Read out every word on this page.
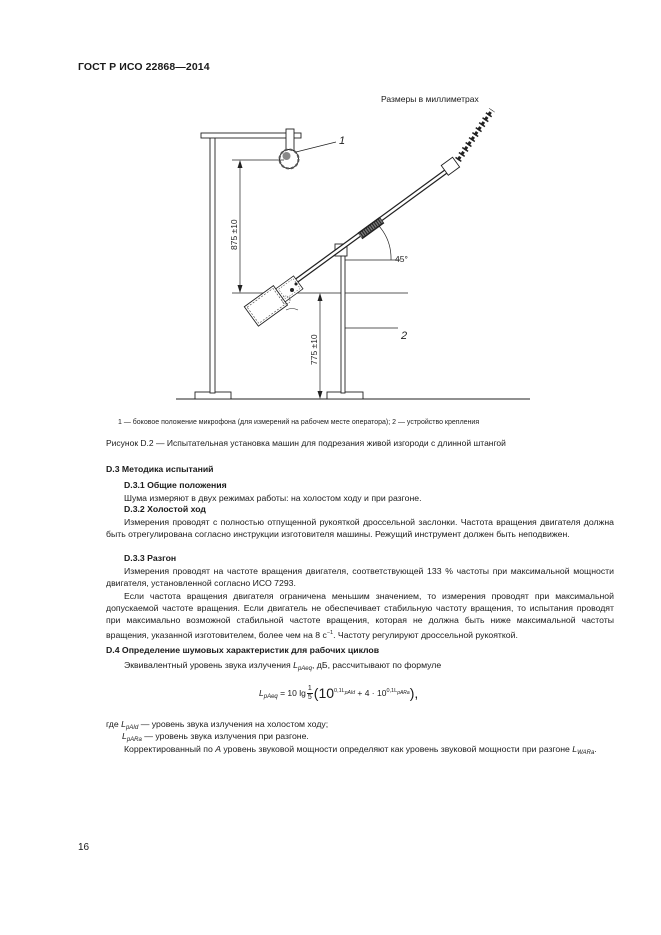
ГОСТ Р ИСО 22868—2014
Размеры в миллиметрах
1
2
45°
875 ±10
775 ±10
1 — боковое положение микрофона (для измерений на рабочем месте оператора); 2 — устройство крепления
Рисунок D.2 — Испытательная установка машин для подрезания живой изгороди с длинной штангой
D.3 Методика испытаний
D.3.1 Общие положения
Шума измеряют в двух режимах работы: на холостом ходу и при разгоне.
D.3.2 Холостой ход
Измерения проводят с полностью отпущенной рукояткой дроссельной заслонки. Частота вращения двигателя должна быть отрегулирована согласно инструкции изготовителя машины. Режущий инструмент должен быть неподвижен.
D.3.3 Разгон
Измерения проводят на частоте вращения двигателя, соответствующей 133 % частоты при максимальной мощности двигателя, установленной согласно ИСО 7293.
Если частота вращения двигателя ограничена меньшим значением, то измерения проводят при максимальной допускаемой частоте вращения. Если двигатель не обеспечивает стабильную частоту вращения, то испытания проводят при максимально возможной стабильной частоте вращения, которая не должна быть ниже максимальной частоты вращения, указанной изготовителем, более чем на 8 $с^{-1}$. Частоту регулируют дроссельной рукояткой.
D.4 Определение шумовых характеристик для рабочих циклов
Эквивалентный уровень звука излучения $L_{pAeq}$, дБ, рассчитывают по формуле
$L_{pAeq} = 10$ $\lg \frac{1}{5} (10^{0,1L_{pAId}} + 4 \cdot 10^{0,1L_{pARa}})$,
где $L_{pAId}$ — уровень звука излучения на холостом ходу;
$L_{pARa}$ — уровень звука излучения при разгоне.
Корректированный по A уровень звуковой мощности определяют как уровень звуковой мощности при разгоне $L_{WARa}$.
16
